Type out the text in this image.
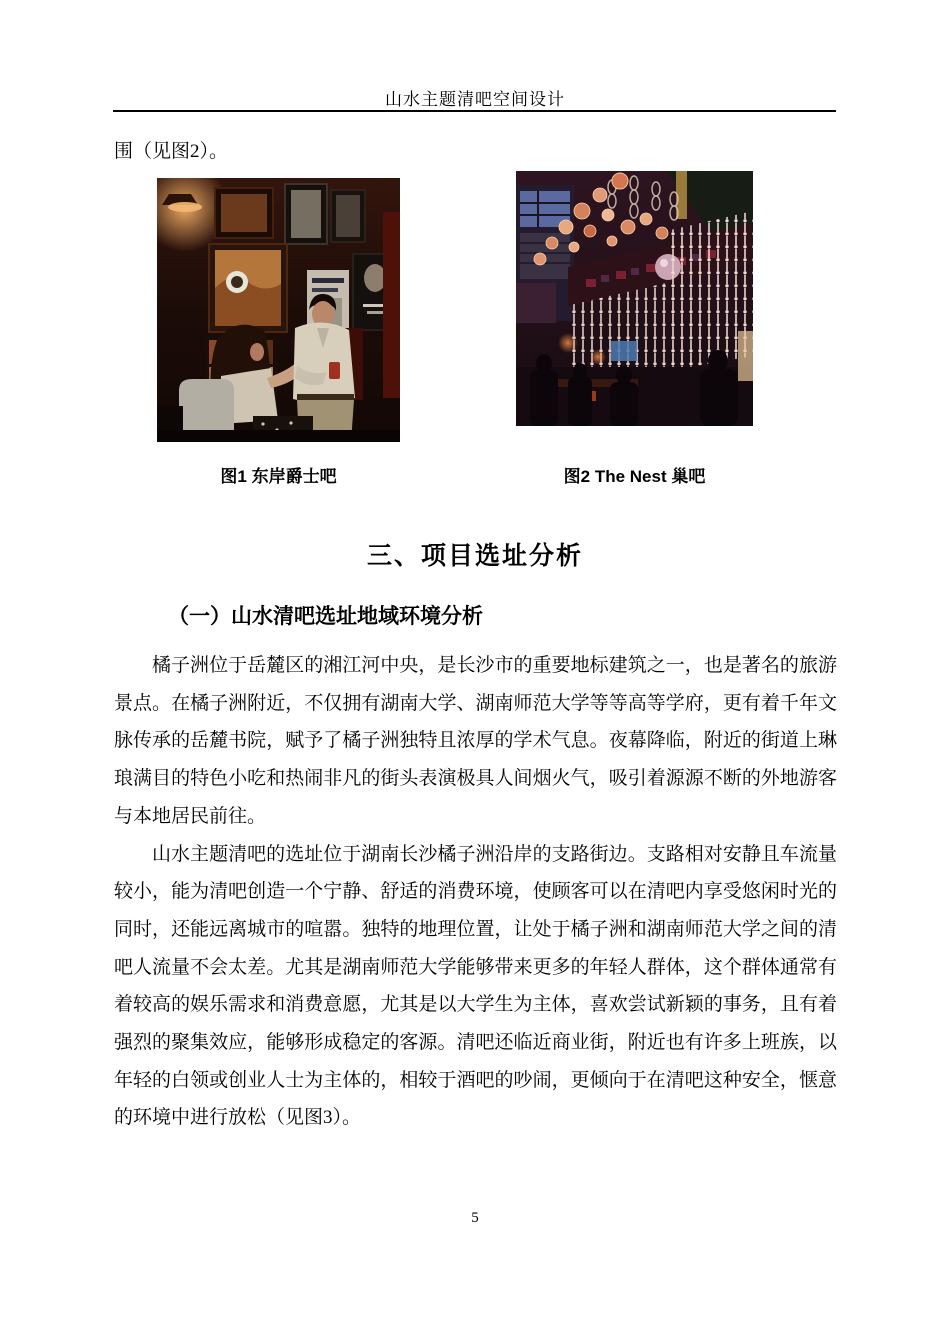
山水主题清吧空间设计
围（见图2）。
图1 东岸爵士吧	图2 The Nest 巢吧
三、项目选址分析
（一）山水清吧选址地域环境分析

橘子洲位于岳麓区的湘江河中央，是长沙市的重要地标建筑之一，也是著名的旅游景点。在橘子洲附近，不仅拥有湖南大学、湖南师范大学等等高等学府，更有着千年文脉传承的岳麓书院，赋予了橘子洲独特且浓厚的学术气息。夜幕降临，附近的街道上琳琅满目的特色小吃和热闹非凡的街头表演极具人间烟火气，吸引着源源不断的外地游客与本地居民前往。

山水主题清吧的选址位于湖南长沙橘子洲沿岸的支路街边。支路相对安静且车流量较小，能为清吧创造一个宁静、舒适的消费环境，使顾客可以在清吧内享受悠闲时光的同时，还能远离城市的喧嚣。独特的地理位置，让处于橘子洲和湖南师范大学之间的清吧人流量不会太差。尤其是湖南师范大学能够带来更多的年轻人群体，这个群体通常有着较高的娱乐需求和消费意愿，尤其是以大学生为主体，喜欢尝试新颖的事务，且有着强烈的聚集效应，能够形成稳定的客源。清吧还临近商业街，附近也有许多上班族，以年轻的白领或创业人士为主体的，相较于酒吧的吵闹，更倾向于在清吧这种安全，惬意的环境中进行放松（见图3）。

5
